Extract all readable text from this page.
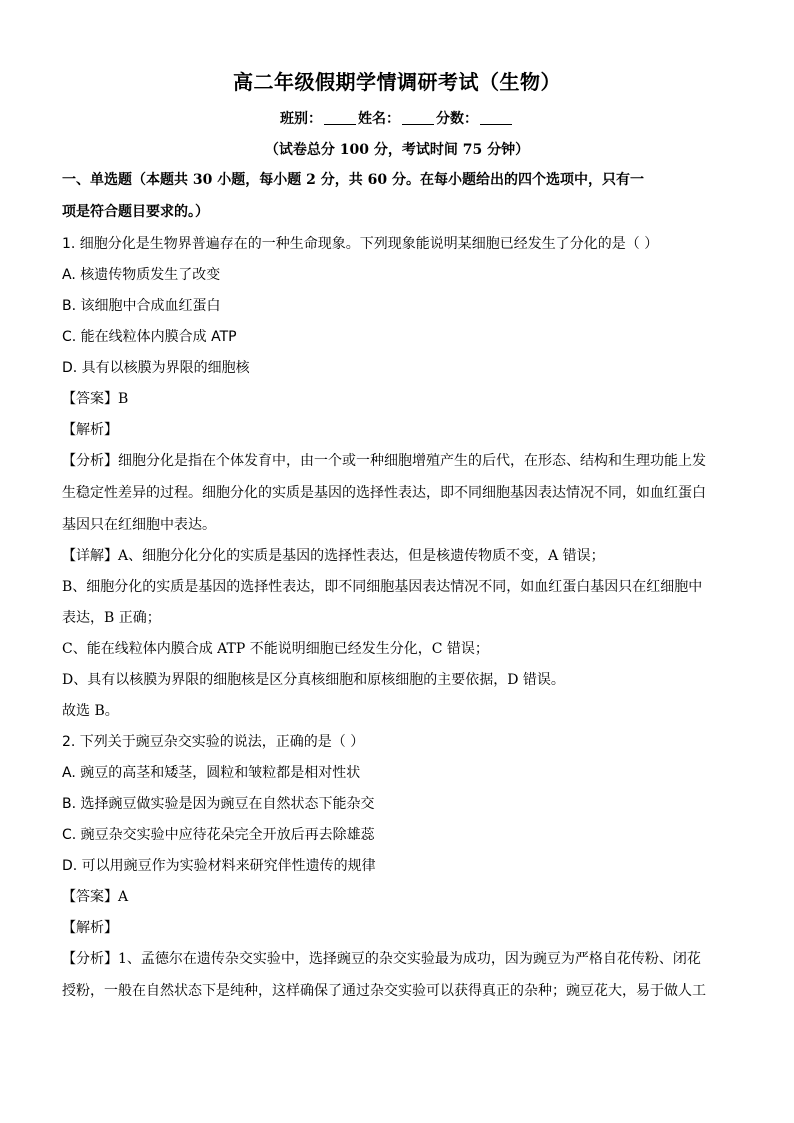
高二年级假期学情调研考试（生物）
班别：	姓名：	分数：
（试卷总分 100 分，考试时间 75 分钟）
一、单选题（本题共 30 小题，每小题 2 分，共 60 分。在每小题给出的四个选项中，只有一
项是符合题目要求的。）
1. 细胞分化是生物界普遍存在的一种生命现象。下列现象能说明某细胞已经发生了分化的是（ ）
A. 核遗传物质发生了改变
B. 该细胞中合成血红蛋白
C. 能在线粒体内膜合成 ATP
D. 具有以核膜为界限的细胞核
【答案】B
【解析】
【分析】细胞分化是指在个体发育中，由一个或一种细胞增殖产生的后代，在形态、结构和生理功能上发
生稳定性差异的过程。细胞分化的实质是基因的选择性表达，即不同细胞基因表达情况不同，如血红蛋白
基因只在红细胞中表达。
【详解】A、细胞分化分化的实质是基因的选择性表达，但是核遗传物质不变，A 错误；
B、细胞分化的实质是基因的选择性表达，即不同细胞基因表达情况不同，如血红蛋白基因只在红细胞中
表达，B 正确；
C、能在线粒体内膜合成 ATP 不能说明细胞已经发生分化，C 错误；
D、具有以核膜为界限的细胞核是区分真核细胞和原核细胞的主要依据，D 错误。
故选 B。
2. 下列关于豌豆杂交实验的说法，正确的是（ ）
A. 豌豆的高茎和矮茎，圆粒和皱粒都是相对性状
B. 选择豌豆做实验是因为豌豆在自然状态下能杂交
C. 豌豆杂交实验中应待花朵完全开放后再去除雄蕊
D. 可以用豌豆作为实验材料来研究伴性遗传的规律
【答案】A
【解析】
【分析】1、孟德尔在遗传杂交实验中，选择豌豆的杂交实验最为成功，因为豌豆为严格自花传粉、闭花
授粉，一般在自然状态下是纯种，这样确保了通过杂交实验可以获得真正的杂种；豌豆花大，易于做人工
